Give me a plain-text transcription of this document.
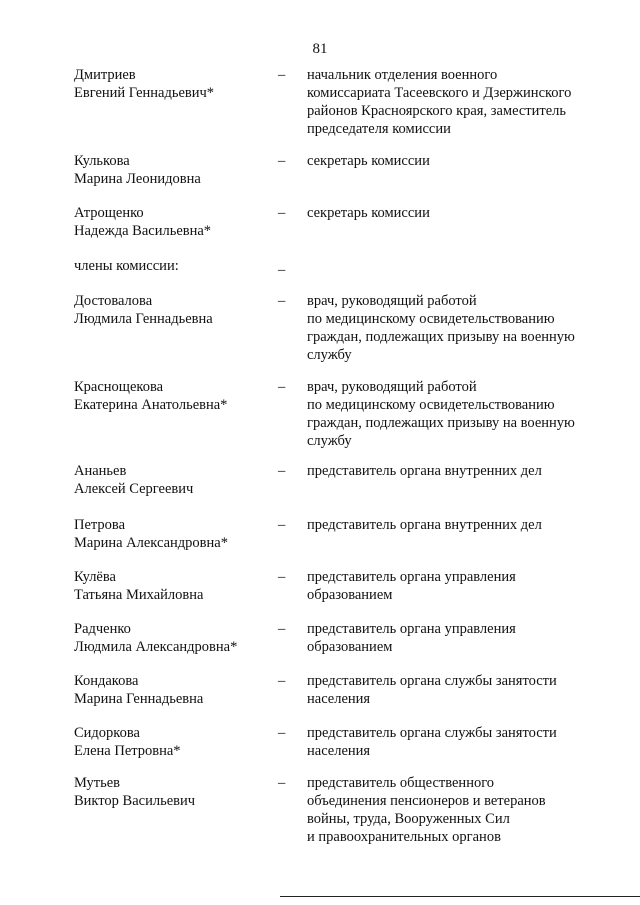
81
Дмитриев
Евгений Геннадьевич*
– начальник отделения военного
комиссариата Тасеевского и Дзержинского
районов Красноярского края, заместитель
председателя комиссии
Кулькова
Марина Леонидовна
– секретарь комиссии
Атрощенко
Надежда Васильевна*
– секретарь комиссии
члены комиссии:	–
Достовалова
Людмила Геннадьевна
– врач, руководящий работой
по медицинскому освидетельствованию
граждан, подлежащих призыву на военную
службу
Краснощекова
Екатерина Анатольевна*
– врач, руководящий работой
по медицинскому освидетельствованию
граждан, подлежащих призыву на военную
службу
Ананьев
Алексей Сергеевич
– представитель органа внутренних дел
Петрова
Марина Александровна*
– представитель органа внутренних дел
Кулёва
Татьяна Михайловна
– представитель органа управления
образованием
Радченко
Людмила Александровна*
– представитель органа управления
образованием
Кондакова
Марина Геннадьевна
– представитель органа службы занятости
населения
Сидоркова
Елена Петровна*
– представитель органа службы занятости
населения
Мутьев
Виктор Васильевич
– представитель общественного
объединения пенсионеров и ветеранов
войны, труда, Вооруженных Сил
и правоохранительных органов
